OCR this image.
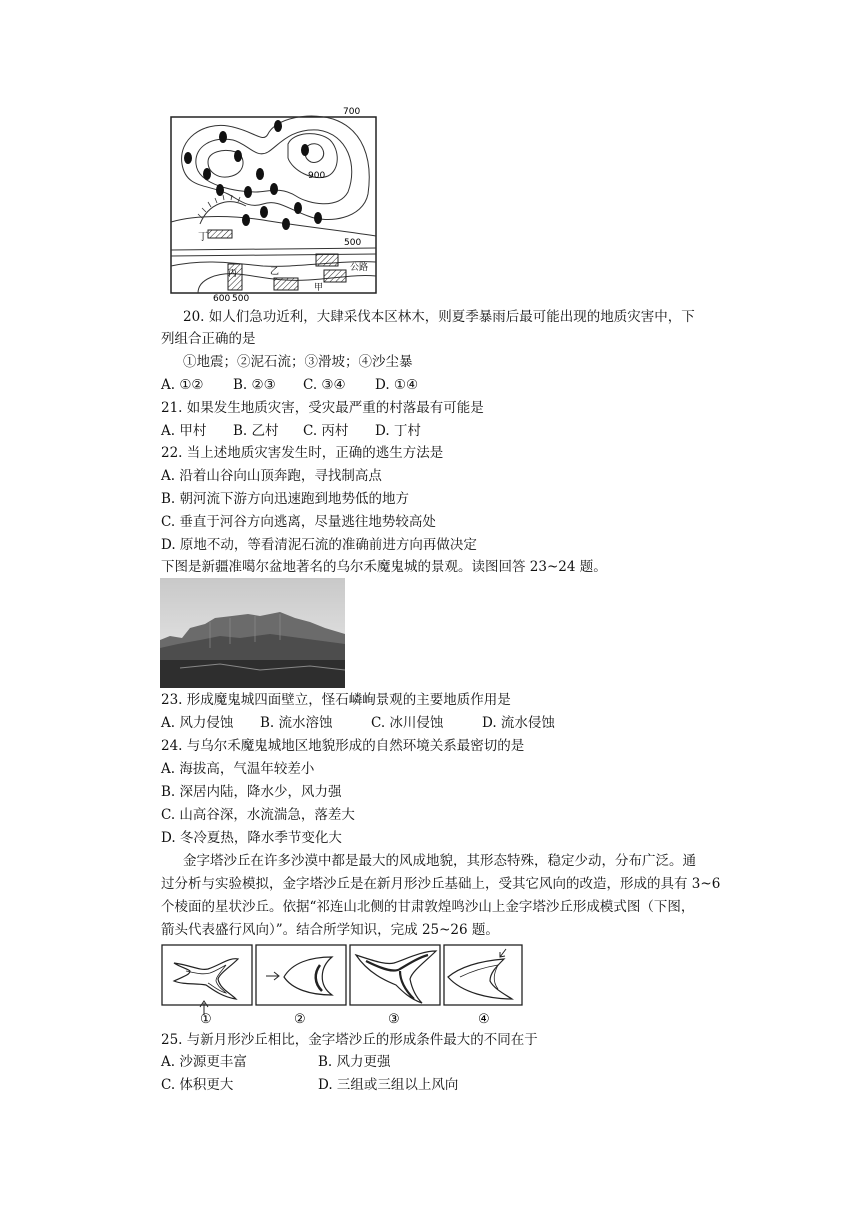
700
900
500
600 500
丁
丙	乙
甲
公路
20. 如人们急功近利，大肆采伐本区林木，则夏季暴雨后最可能出现的地质灾害中，下
列组合正确的是
①地震；②泥石流；③滑坡；④沙尘暴
A. ①② B. ②③ C. ③④ D. ①④
21. 如果发生地质灾害，受灾最严重的村落最有可能是
A. 甲村 B. 乙村 C. 丙村 D. 丁村
22. 当上述地质灾害发生时，正确的逃生方法是
A. 沿着山谷向山顶奔跑，寻找制高点
B. 朝河流下游方向迅速跑到地势低的地方
C. 垂直于河谷方向逃离，尽量逃往地势较高处
D. 原地不动，等看清泥石流的准确前进方向再做决定
下图是新疆准噶尔盆地著名的乌尔禾魔鬼城的景观。读图回答 23~24 题。
23. 形成魔鬼城四面壁立，怪石嶙峋景观的主要地质作用是
A. 风力侵蚀 B. 流水溶蚀	C. 冰川侵蚀	D. 流水侵蚀
24. 与乌尔禾魔鬼城地区地貌形成的自然环境关系最密切的是
A. 海拔高，气温年较差小
B. 深居内陆，降水少，风力强
C. 山高谷深，水流湍急，落差大
D. 冬冷夏热，降水季节变化大
金字塔沙丘在许多沙漠中都是最大的风成地貌，其形态特殊，稳定少动，分布广泛。通
过分析与实验模拟，金字塔沙丘是在新月形沙丘基础上，受其它风向的改造，形成的具有 3~6
个棱面的星状沙丘。依据“祁连山北侧的甘肃敦煌鸣沙山上金字塔沙丘形成模式图（下图，
箭头代表盛行风向）”。结合所学知识，完成 25~26 题。
①	②	③	④
25. 与新月形沙丘相比，金字塔沙丘的形成条件最大的不同在于
A. 沙源更丰富	B. 风力更强
C. 体积更大	D. 三组或三组以上风向
